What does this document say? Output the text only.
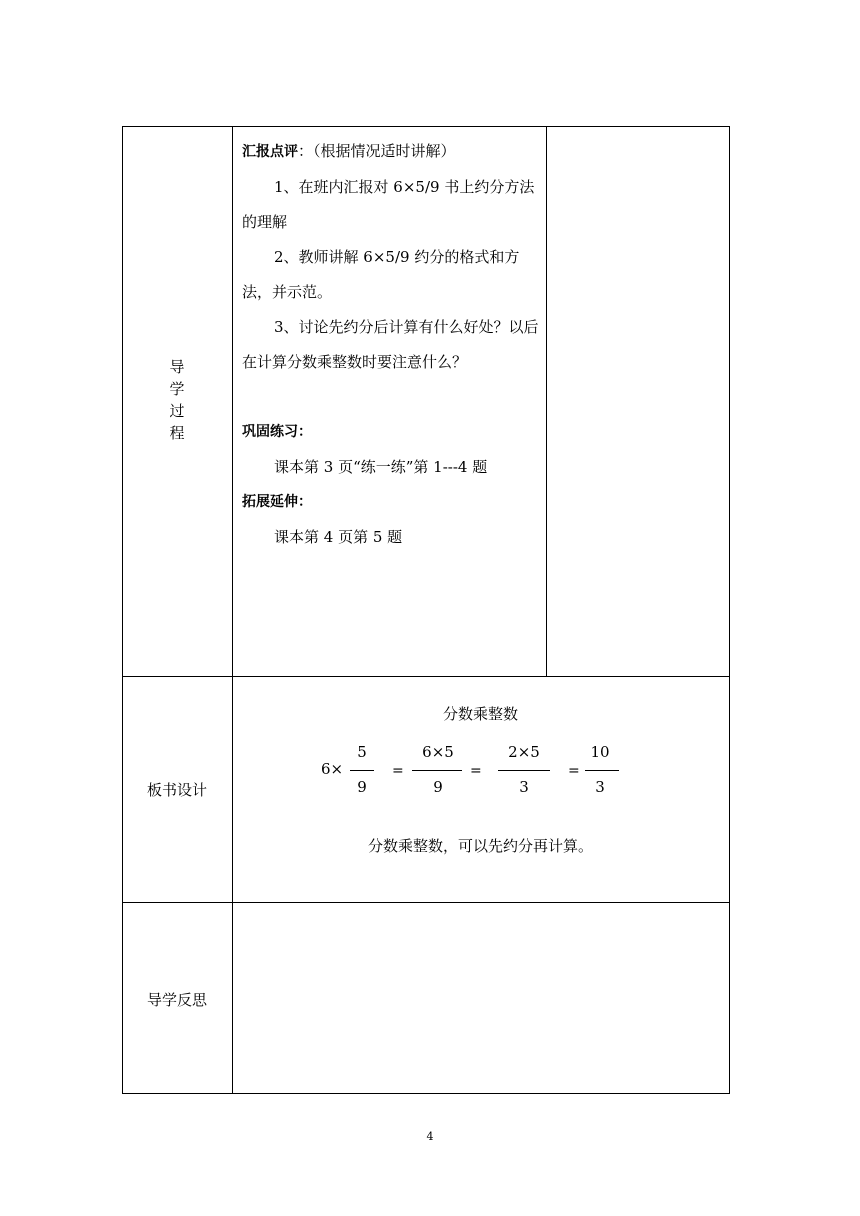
导
学
过
程

汇报点评：（根据情况适时讲解）

1、在班内汇报对 6×5/9 书上约分方法的理解

2、教师讲解 6×5/9 约分的格式和方法，并示范。

3、讨论先约分后计算有什么好处？以后在计算分数乘整数时要注意什么？

巩固练习：

课本第 3 页“练一练”第 1---4 题

拓展延伸：

课本第 4 页第 5 题

板书设计
分数乘整数
6×
5
9
=
6×5
9
=
2×5
3
=
10
3
分数乘整数，可以先约分再计算。
导学反思
4
